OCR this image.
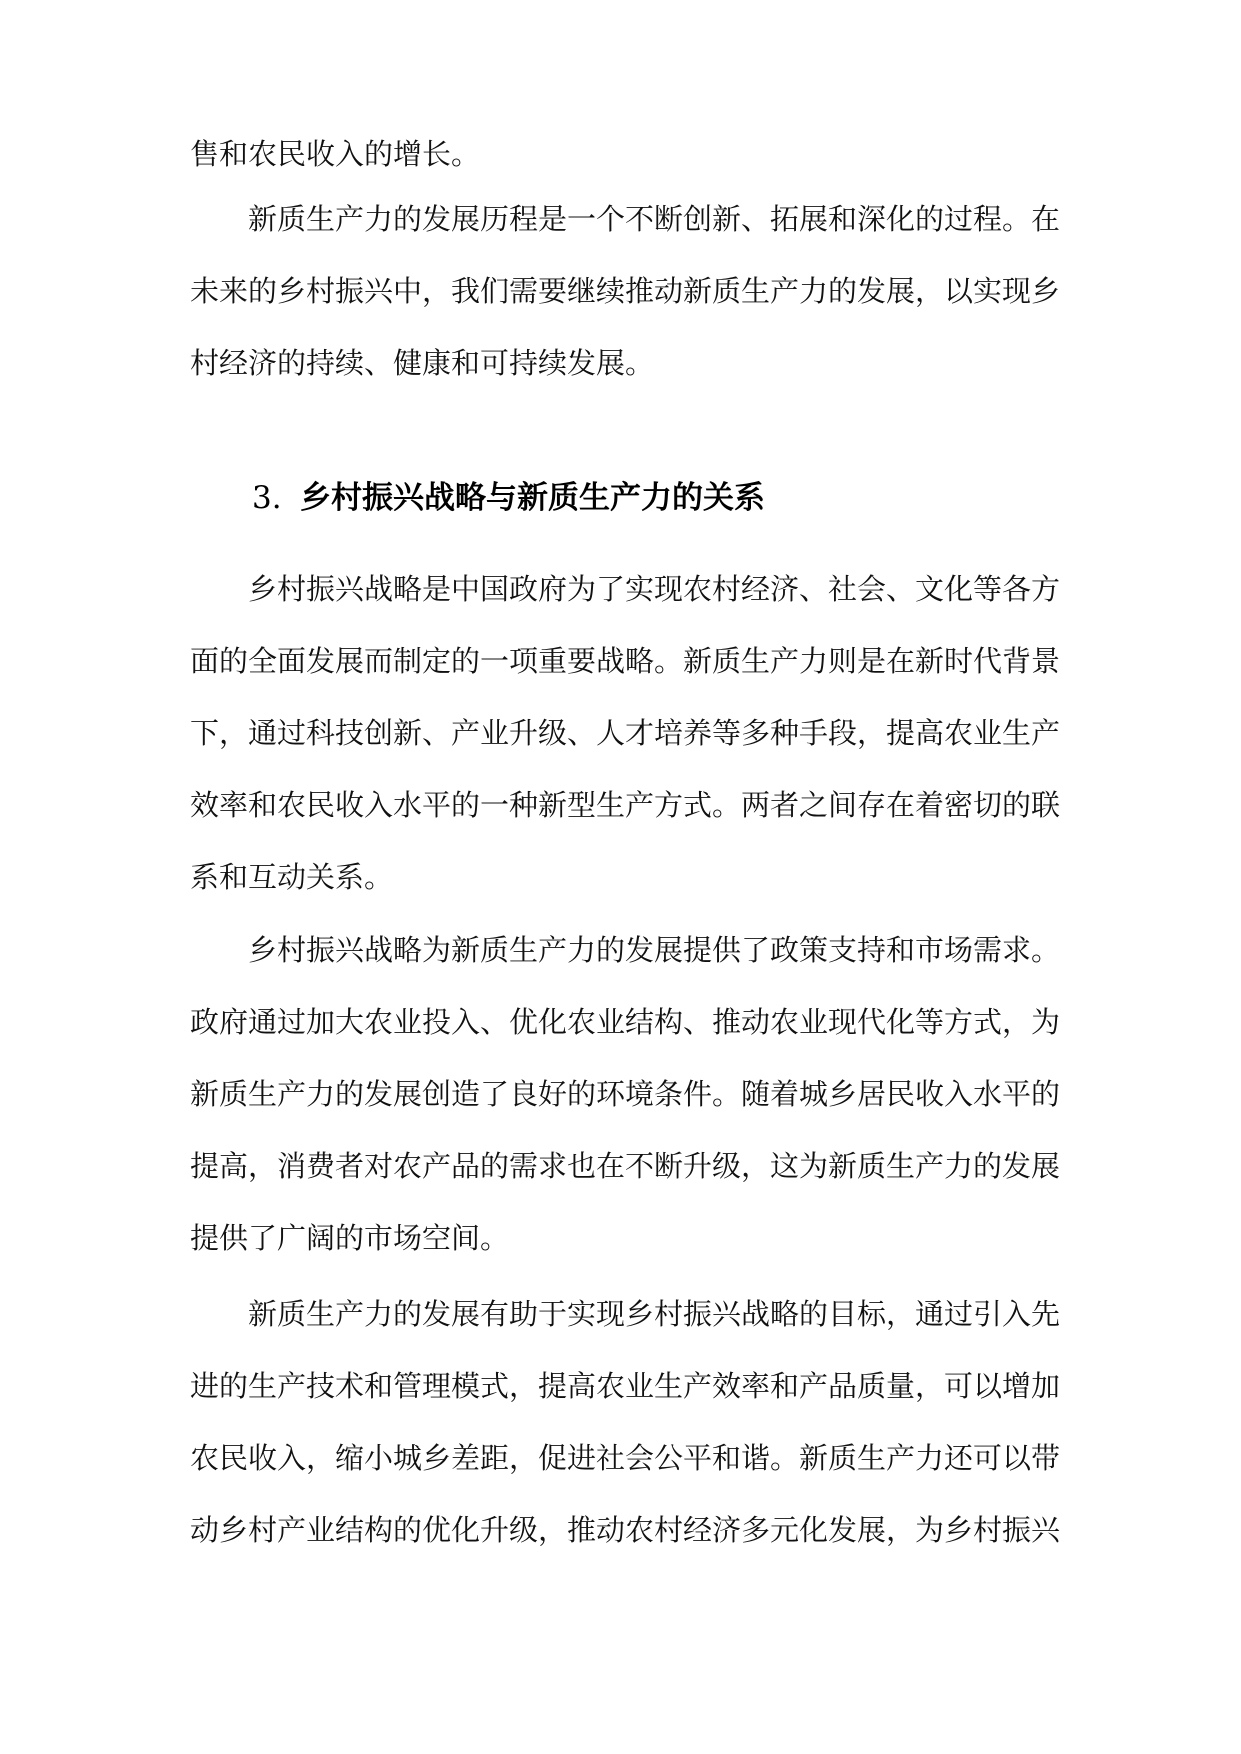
售和农民收入的增长。

新质生产力的发展历程是一个不断创新、拓展和深化的过程。在未来的乡村振兴中，我们需要继续推动新质生产力的发展，以实现乡村经济的持续、健康和可持续发展。

3. 乡村振兴战略与新质生产力的关系

乡村振兴战略是中国政府为了实现农村经济、社会、文化等各方面的全面发展而制定的一项重要战略。新质生产力则是在新时代背景下，通过科技创新、产业升级、人才培养等多种手段，提高农业生产效率和农民收入水平的一种新型生产方式。两者之间存在着密切的联系和互动关系。

乡村振兴战略为新质生产力的发展提供了政策支持和市场需求。政府通过加大农业投入、优化农业结构、推动农业现代化等方式，为新质生产力的发展创造了良好的环境条件。随着城乡居民收入水平的提高，消费者对农产品的需求也在不断升级，这为新质生产力的发展提供了广阔的市场空间。

新质生产力的发展有助于实现乡村振兴战略的目标，通过引入先进的生产技术和管理模式，提高农业生产效率和产品质量，可以增加农民收入，缩小城乡差距，促进社会公平和谐。新质生产力还可以带动乡村产业结构的优化升级，推动农村经济多元化发展，为乡村振兴
